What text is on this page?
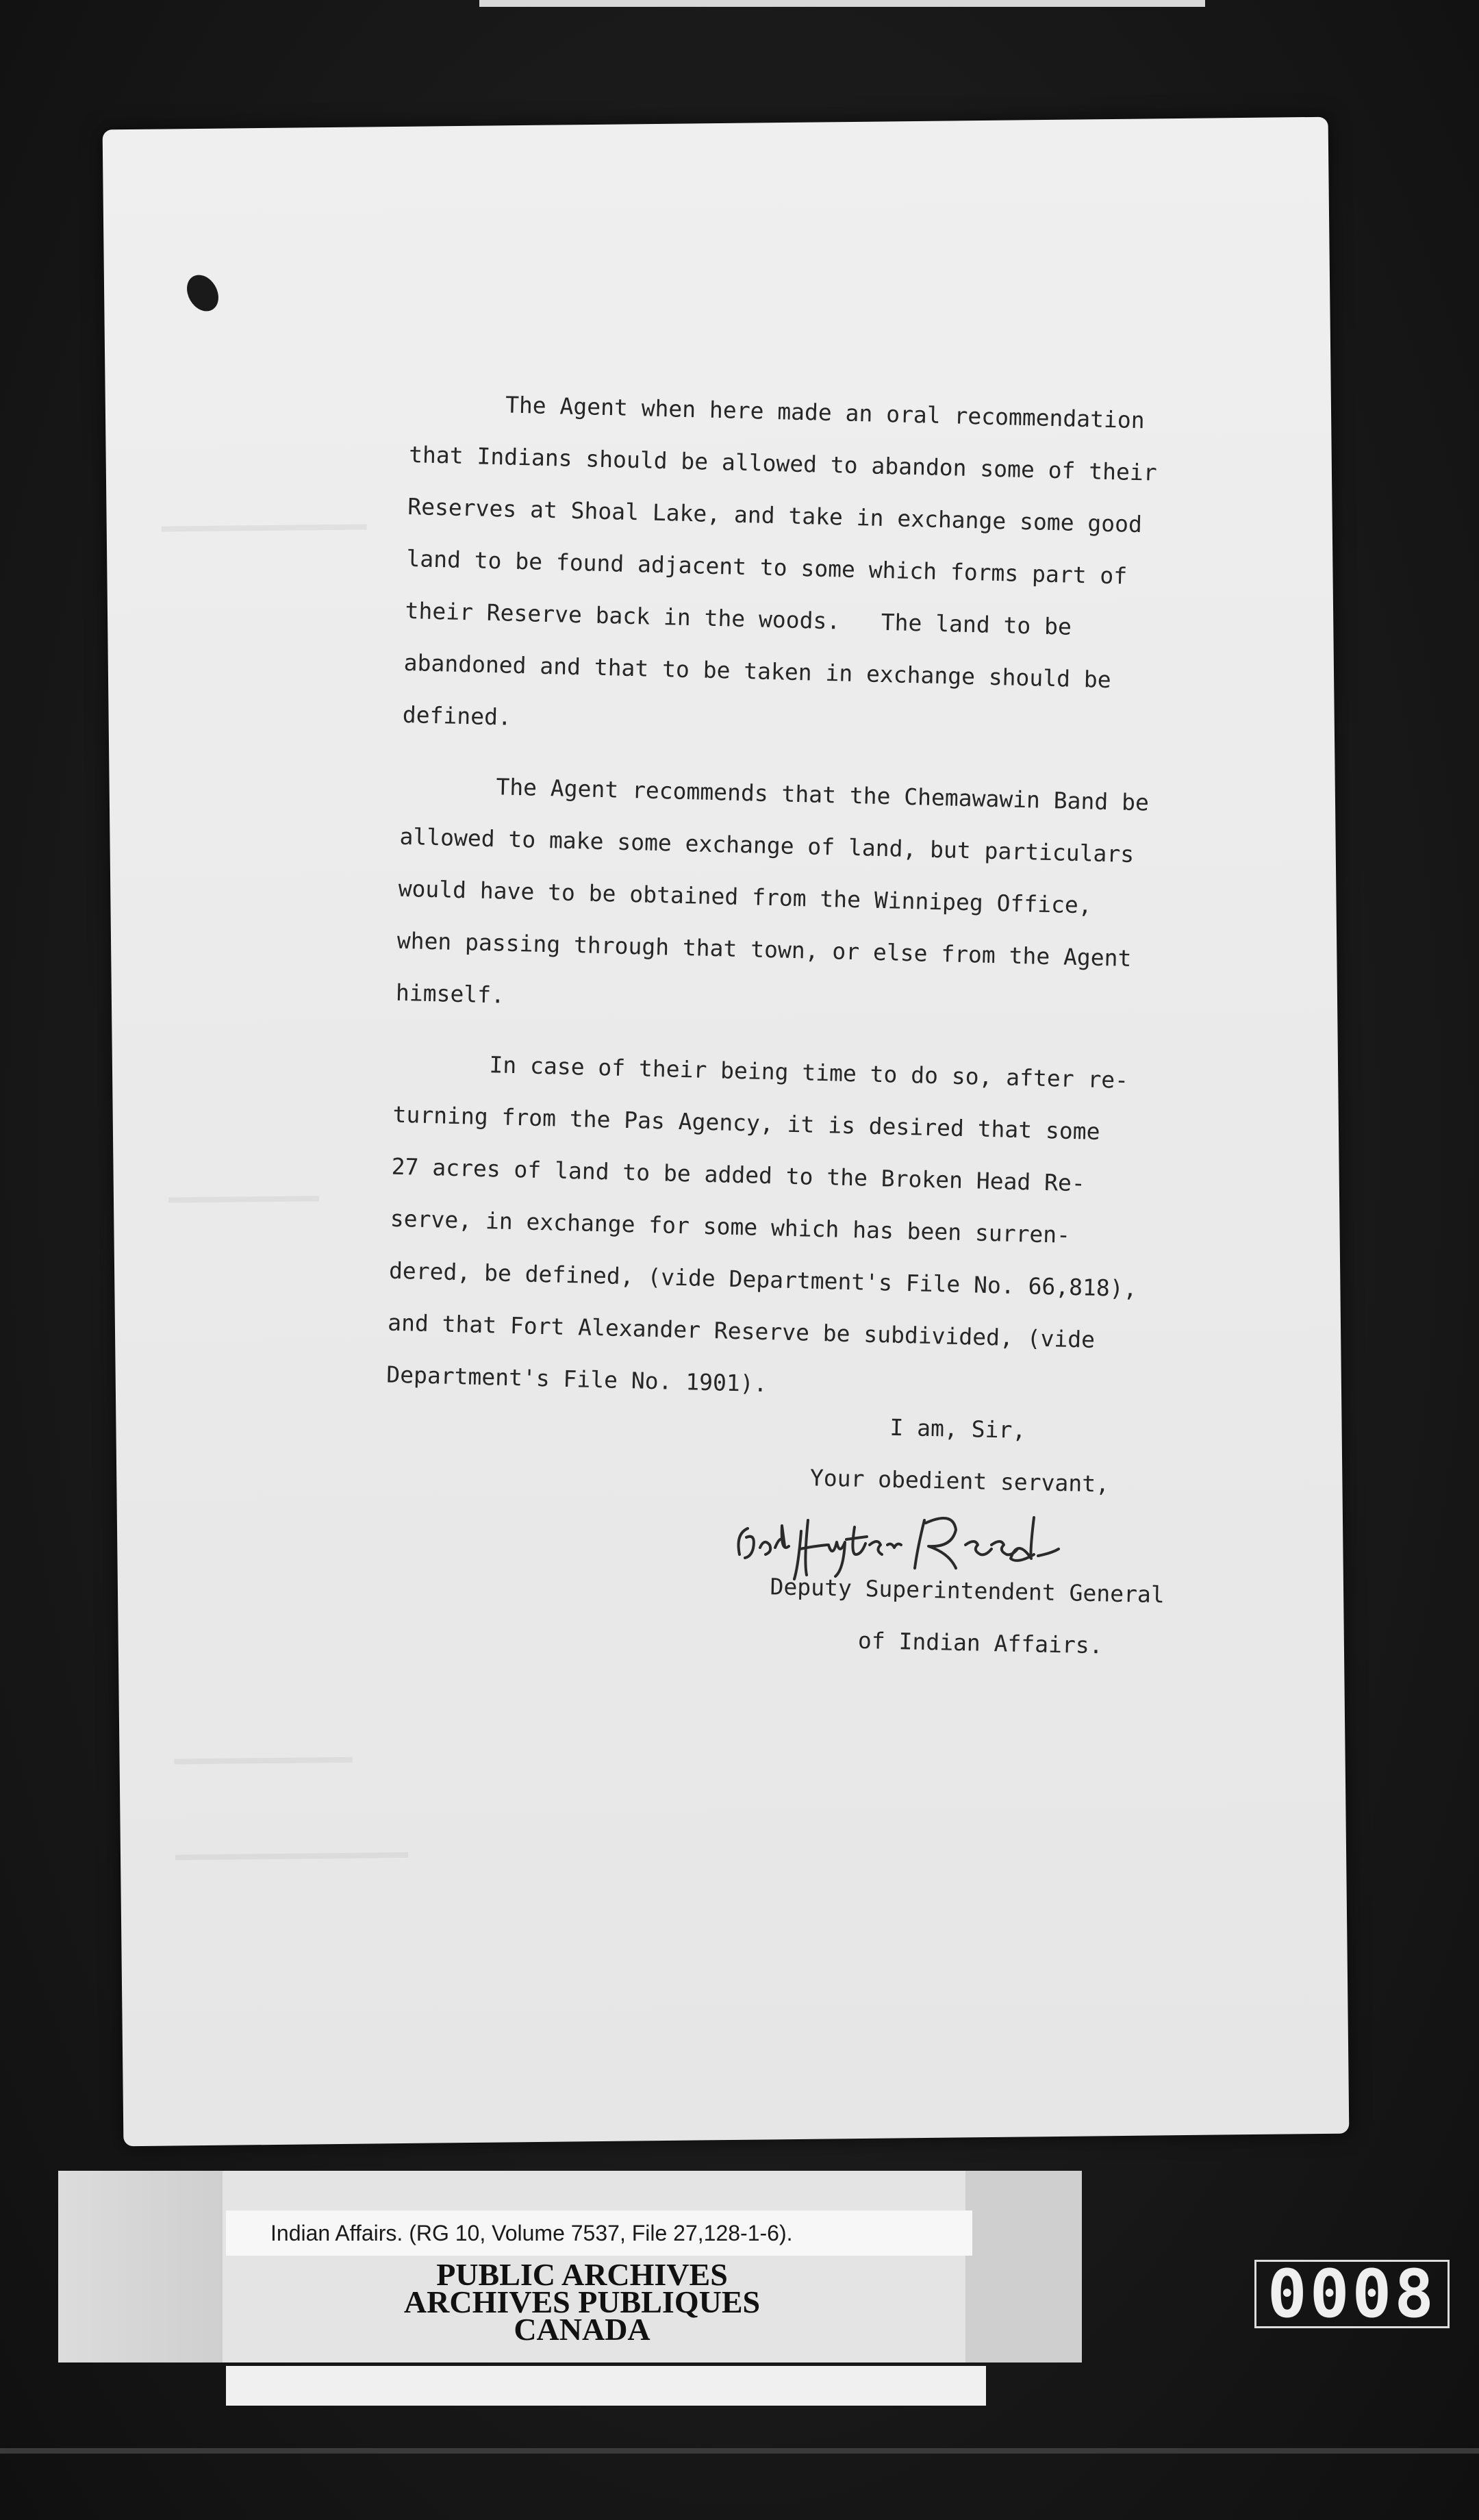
The Agent when here made an oral recommendation
that Indians should be allowed to abandon some of their
Reserves at Shoal Lake, and take in exchange some good
land to be found adjacent to some which forms part of
their Reserve back in the woods.   The land to be
abandoned and that to be taken in exchange should be
defined.

The Agent recommends that the Chemawawin Band be
allowed to make some exchange of land, but particulars
would have to be obtained from the Winnipeg Office,
when passing through that town, or else from the Agent
himself.

In case of their being time to do so, after re-
turning from the Pas Agency, it is desired that some
27 acres of land to be added to the Broken Head Re-
serve, in exchange for some which has been surren-
dered, be defined, (vide Department's File No. 66,818),
and that Fort Alexander Reserve be subdivided, (vide
Department's File No. 1901).

I am, Sir,
Your obedient servant,
Deputy Superintendent General
of Indian Affairs.
Indian Affairs. (RG 10, Volume 7537, File 27,128-1-6).
PUBLIC ARCHIVES
ARCHIVES PUBLIQUES
CANADA	0008
